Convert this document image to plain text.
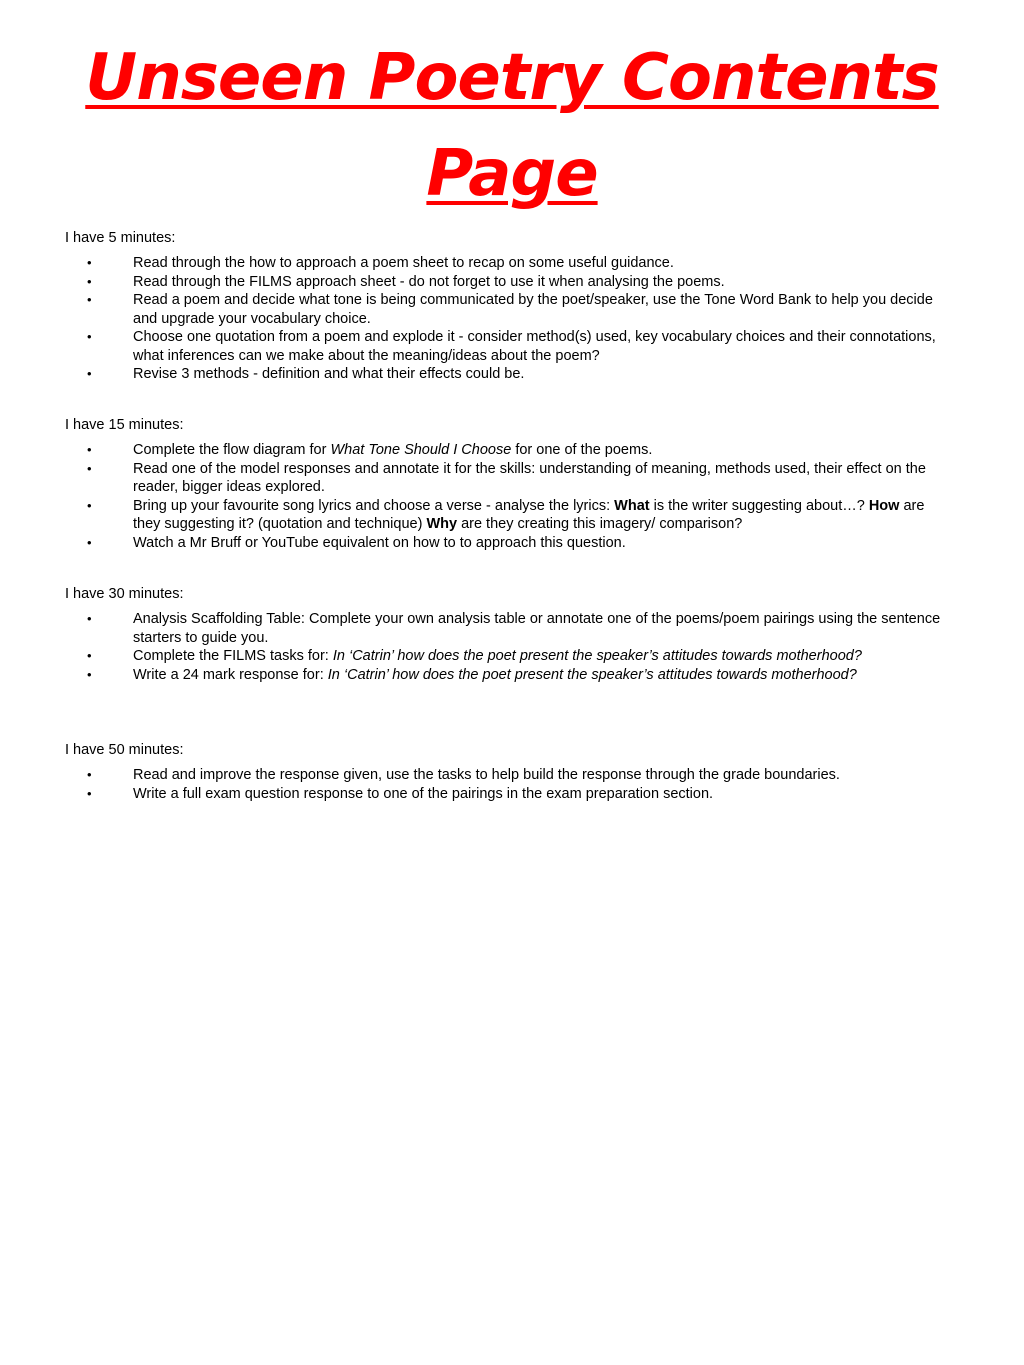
Unseen Poetry Contents Page

I have 5 minutes:

•	Read through the how to approach a poem sheet to recap on some useful guidance.
•	Read through the FILMS approach sheet - do not forget to use it when analysing the poems.
•	Read a poem and decide what tone is being communicated by the poet/speaker, use the Tone Word Bank to help you decide and upgrade your vocabulary choice.
•	Choose one quotation from a poem and explode it - consider method(s) used, key vocabulary choices and their connotations, what inferences can we make about the meaning/ideas about the poem?
•	Revise 3 methods - definition and what their effects could be.

I have 15 minutes:

•	Complete the flow diagram for What Tone Should I Choose for one of the poems.
•	Read one of the model responses and annotate it for the skills: understanding of meaning, methods used, their effect on the reader, bigger ideas explored.
•	Bring up your favourite song lyrics and choose a verse - analyse the lyrics: What is the writer suggesting about…? How are they suggesting it? (quotation and technique) Why are they creating this imagery/ comparison?
•	Watch a Mr Bruff or YouTube equivalent on how to to approach this question.

I have 30 minutes:

•	Analysis Scaffolding Table: Complete your own analysis table or annotate one of the poems/poem pairings using the sentence starters to guide you.
•	Complete the FILMS tasks for: In ‘Catrin’ how does the poet present the speaker’s attitudes towards motherhood?
•	Write a 24 mark response for: In ‘Catrin’ how does the poet present the speaker’s attitudes towards motherhood?

I have 50 minutes:

•	Read and improve the response given, use the tasks to help build the response through the grade boundaries.
•	Write a full exam question response to one of the pairings in the exam preparation section.
